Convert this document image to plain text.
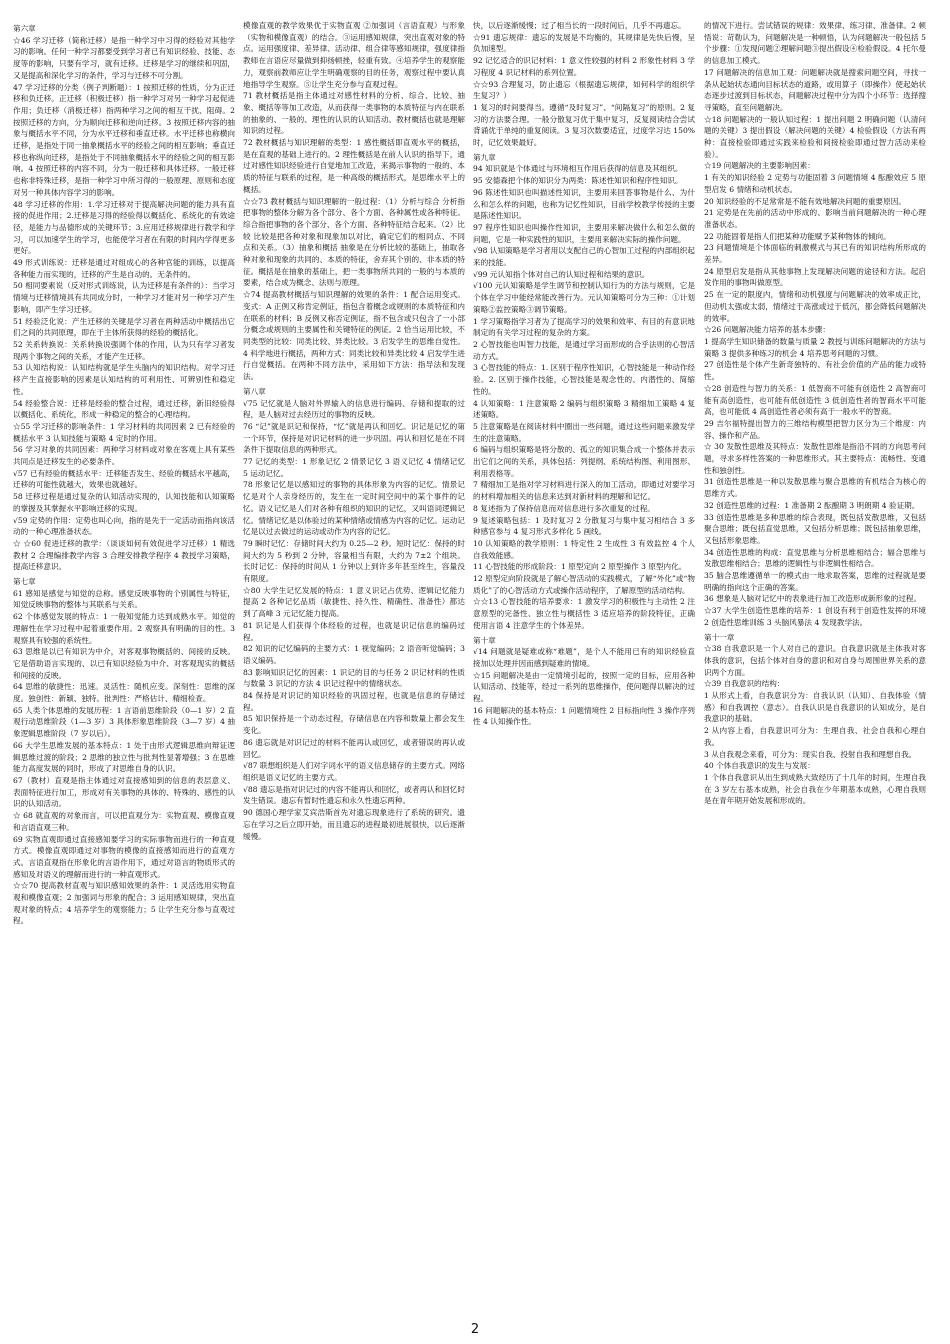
第六章

☆46 学习迁移（简称迁移）是指一种学习中习得的经验对其他学习的影响。任何一种学习都要受到学习者已有知识经验、技能、态度等的影响，只要有学习，就有迁移。迁移是学习的继续和巩固，又是提高和深化学习的条件，学习与迁移不可分割。

47 学习迁移的分类（例子判断题）：1 按照迁移的性质，分为正迁移和负迁移。正迁移（积极迁移）指一种学习对另一种学习起促进作用；负迁移（消极迁移）指两种学习之间的相互干扰、阻碍。2 按照迁移的方向，分为顺向迁移和逆向迁移。3 按照迁移内容的抽象与概括水平不同，分为水平迁移和垂直迁移。水平迁移也称横向迁移，是指处于同一抽象概括水平的经验之间的相互影响；垂直迁移也称纵向迁移，是指处于不同抽象概括水平的经验之间的相互影响。4 按照迁移的内容不同，分为一般迁移和具体迁移。一般迁移也称非特殊迁移，是指一种学习中所习得的一般原理、原则和态度对另一种具体内容学习的影响。

48 学习迁移的作用：1.学习迁移对于提高解决问题的能力具有直接的促进作用；2.迁移是习得的经验得以概括化、系统化的有效途径，是能力与品德形成的关键环节；3.应用迁移规律进行教学和学习，可以加速学生的学习，也能使学习者在有限的时间内学得更多更好。

49 形式训练说：迁移是通过对组成心的各种官能的训练，以提高各种能力而实现的，迁移的产生是自动的。无条件的。

50 相同要素说（反对形式训练说，认为迁移是有条件的）：当学习情境与迁移情境具有共同成分时，一种学习才能对另一种学习产生影响，即产生学习迁移。

51 经验泛化说：产生迁移的关键是学习者在两种活动中概括出它们之间的共同原理，即在于主体所获得的经验的概括化。

52 关系转换说：关系转换说强调个体的作用，认为只有学习者发现两个事物之间的关系，才能产生迁移。

53 认知结构说：认知结构就是学生头脑内的知识结构。对学习迁移产生直接影响的因素是认知结构的可利用性、可辨别性和稳定性。

54 经验整合说：迁移是经验的整合过程，通过迁移，新旧经验得以概括化、系统化，形成一种稳定的整合的心理结构。

☆55 学习迁移的影响条件：1 学习材料的共同因素 2 已有经验的概括水平 3 认知技能与策略 4 定时的作用。

56 学习对象的共同因素：两种学习材料或对象在客观上具有某些共同点是迁移发生的必要条件。

√57 已有经验的概括水平：迁移能否发生、经验的概括水平越高，迁移的可能性就越大，效果也就越好。

58 迁移过程是通过复杂的认知活动实现的，认知技能和认知策略的掌握及其掌握水平影响迁移的实现。

√59 定势的作用：定势也叫心向，指的是先于一定活动而指向该活动的一种心理准备状态。

☆ ☆60 促进迁移的教学：（谈谈如何有效促进学习迁移）1 精选教材 2 合理编排教学内容 3 合理安排教学程序 4 教授学习策略，提高迁移意识。

第七章

61 感知是感觉与知觉的总称。感觉反映事物的个别属性与特征，知觉反映事物的整体与其联系与关系。

62 个体感觉发展的特点：1 一般知觉能力达到成熟水平。知觉的理解性在学习过程中起着重要作用。2 观察具有明确的目的性。3 观察具有较强的系统性。

63 思维是以已有知识为中介，对客观事物概括的、间接的反映。它是借助语言实现的、以已有知识经验为中介、对客观现实的概括和间接的反映。

64 思维的敏捷性：迅速。灵活性：随机应变。深刻性：思维的深度。独创性：新颖、独特。批判性：严格估计、精细检查。

65 人类个体思维的发展历程：1 言语前思维阶段（0—1 岁）2 直观行动思维阶段（1—3 岁）3 具体形象思维阶段（3—7 岁）4 抽象逻辑思维阶段（7 岁以后）。

66 大学生思维发展的基本特点：1 处于由形式逻辑思维向辩证逻辑思维过渡的阶段；2 思维的独立性与批判性显著增强；3 在思维能力高度发展的同时，形成了对思维自身的认识。

67（教材）直观是指主体通过对直接感知到的信息的表层意义、表面特征进行加工，形成对有关事物的具体的、特殊的、感性的认识的认知活动。

☆ 68 就直观的对象而言，可以把直观分为：实物直观、模像直观和言语直观三种。

69 实物直观即通过直接感知要学习的实际事物而进行的一种直观方式。模像直观即通过对事物的模像的直接感知而进行的直观方式。言语直观指在形象化的言语作用下，通过对语言的物质形式的感知及对语义的理解而进行的一种直观形式。

☆☆70 提高教材直观与知识感知效果的条件：1 灵活选用实物直观和模像直观；2 加强词与形象的配合；3 运用感知规律，突出直观对象的特点；4 培养学生的观察能力；5 让学生充分参与直观过程。

模像直观的教学效果优于实物直观 ②加强词（言语直观）与形象（实物和模像直观）的结合。③运用感知规律，突出直观对象的特点。运用强度律、差异律、活动律、组合律等感知规律，强度律指教师在言语应尽量做到抑扬顿挫，轻重有致。④培养学生的观察能力，观察前教师应让学生明确观察的目的任务，观察过程中要认真地指导学生观察。⑤让学生充分参与直观过程。

71 教材概括是指主体通过对感性材料的分析、综合、比较、抽象、概括等等加工改造，从而获得一类事物的本质特征与内在联系的抽象的、一般的、理性的认识的认知活动。教材概括也就是理解知识的过程。

72 教材概括与知识理解的类型：1 感性概括即直观水平的概括，是在直观的基础上进行的。2 理性概括是在前人认识的指导下，通过对感性知识经验进行自觉地加工改造，来揭示事物的一般的、本质的特征与联系的过程，是一种高级的概括形式，是思维水平上的概括。

☆☆73 教材概括与知识理解的一般过程：（1）分析与综合 分析指把事物的整体分解为各个部分、各个方面、各种属性或各种特征。综合指把事物的各个部分、各个方面、各种特征结合起来。（2）比较 比较是把各种对象和现象加以对比，确定它们的相同点、不同点和关系。（3）抽象和概括 抽象是在分析比较的基础上，抽取各种对象和现象的共同的、本质的特征，舍弃其个别的、非本质的特征。概括是在抽象的基础上，把一类事物所共同的一般的与本质的要素，结合成为概念、法则与原理。

☆74 提高教材概括与知识理解的效果的条件：1 配合运用变式。变式：A 正例又称肯定例证，指包含着概念或规则的本质特征和内在联系的材料；B 反例又称否定例证，指不包含或只包含了一小部分概念或规则的主要属性和关键特征的例证。2 恰当运用比较，不同类型的比较：同类比较、异类比较。3 启发学生的思维自觉性。4 科学地进行概括，两种方式：同类比较和异类比较 4 启发学生进行自觉概括。在两种不同方法中，采用如下方法：指导法和发现法。

第八章

√75 记忆就是人脑对外界输入的信息进行编码、存储和提取的过程，是人脑对过去经历过的事物的反映。

76 “记”就是识记和保持，“忆”就是再认和回忆。识记是记忆的第一个环节，保持是对识记材料的进一步巩固。再认和回忆是在不同条件下提取信息的两种形式。

77 记忆的类型：1 形象记忆 2 情景记忆 3 语义记忆 4 情绪记忆 5 运动记忆。

78 形象记忆是以感知过的事物的具体形象为内容的记忆。情景记忆是对个人亲身经历的，发生在一定时间空间中的某个事件的记忆。语义记忆是人们对各种有组织的知识的记忆，又叫语词逻辑记忆。情绪记忆是以体验过的某种情绪或情感为内容的记忆。运动记忆是以过去做过的运动或动作为内容的记忆。

79 瞬时记忆：存储时间大约为 0.25—2 秒。短时记忆：保持的时间大约为 5 秒到 2 分钟，容量相当有限，大约为 7±2 个组块。长时记忆：保持的时间从 1 分钟以上到许多年甚至终生，容量没有限度。

☆80 大学生记忆发展的特点：1 意义识记占优势、逻辑记忆能力提高 2 各种记忆品质（敏捷性、持久性、精确性、准备性）都达到了高峰 3 元记忆能力提高。

81 识记是人们获得个体经验的过程，也就是识记信息的编码过程。

82 知识的记忆编码的主要方式：1 视觉编码；2 语音听觉编码；3 语义编码。

83 影响知识记忆的因素：1 识记的目的与任务 2 识记材料的性质与数量 3 识记的方法 4 识记过程中的情绪状态。

84 保持是对识记的知识经验的巩固过程，也就是信息的存储过程。

85 知识保持是一个动态过程，存储信息在内容和数量上都会发生变化。

86 遗忘就是对识记过的材料不能再认或回忆，或者错误的再认或回忆。

√87 联想组织是人们对字词水平的语义信息储存的主要方式。网络组织是语义记忆的主要方式。

√88 遗忘是指对识记过的内容不能再认和回忆，或者再认和回忆时发生错误。遗忘有暂时性遗忘和永久性遗忘两种。

90 德国心理学家艾宾浩斯首先对遗忘现象进行了系统的研究。遗忘在学习之后立即开始，而且遗忘的进程最初进展很快，以后逐渐缓慢。

快，以后逐渐缓慢；过了相当长的一段时间后，几乎不再遗忘。

☆91 遗忘规律：遗忘的发展是不均衡的，其规律是先快后慢，呈负加速型。

92 记忆适合的识记材料：1 意义性较强的材料 2 形象性材料 3 学习程度 4 识记材料的系列位置。

☆☆93 合理复习，防止遗忘（根据遗忘规律，如何科学的组织学生复习？）

1 复习的时间要得当。遵循“及时复习”、“间隔复习”的原则。2 复习的方法要合理。一般分散复习优于集中复习，反复阅读结合尝试背诵优于单纯的重复阅读。3 复习次数要适宜，过度学习达 150% 时，记忆效果最好。

第九章

94 知识就是个体通过与环境相互作用后获得的信息及其组织。

95 安德森把个体的知识分为两类：陈述性知识和程序性知识。

96 陈述性知识也叫描述性知识，主要用来回答事物是什么、为什么和怎么样的问题，也称为记忆性知识，目前学校教学传授的主要是陈述性知识。

97 程序性知识也叫操作性知识，主要用来解决做什么和怎么做的问题，它是一种实践性的知识，主要用来解决实际的操作问题。

√98 认知策略是学习者用以支配自己的心智加工过程的内部组织起来的技能。

√99 元认知指个体对自己的认知过程和结果的意识。

√100 元认知策略是学生调节和控制认知行为的方法与规则，它是个体在学习中能经常能改善行为。元认知策略可分为三种：①计划策略②监控策略③调节策略。

1 学习策略指学习者为了提高学习的效果和效率、有目的有意识地制定的有关学习过程的复杂的方案。

2 心智技能也叫智力技能，是通过学习而形成的合乎法则的心智活动方式。

3 心智技能的特点：1. 区别于程序性知识，心智技能是一种动作经验。2. 区别于操作技能，心智技能是观念性的、内潜性的、简缩性的。

4 认知策略：1 注意策略 2 编码与组织策略 3 精细加工策略 4 复述策略。

5 注意策略是在阅读材料中圈出一些问题，通过这些问题来激发学生的注意策略。

6 编码与组织策略是将分散的、孤立的知识集合成一个整体并表示出它们之间的关系，具体包括：列提纲、系统结构图、利用图形、利用表格等。

7 精细加工是指对学习材料进行深入的加工活动，即通过对要学习的材料增加相关的信息来达到对新材料的理解和记忆。

8 复述指为了保持信息而对信息进行多次重复的过程。

9 复述策略包括：1 及时复习 2 分散复习与集中复习相结合 3 多种感官参与 4 复习形式多样化 5 画线。

10 认知策略的教学原则：1 特定性 2 生成性 3 有效监控 4 个人自我效能感。

11 心智技能的形成阶段：1 原型定向 2 原型操作 3 原型内化。

12 原型定向阶段就是了解心智活动的实践模式，了解“外化”或“物质化”了的心智活动方式或操作活动程序，了解原型的活动结构。

☆☆13 心智技能的培养要求：1 激发学习的积极性与主动性 2 注意原型的完备性、独立性与概括性 3 适应培养的阶段特征，正确使用言语 4 注意学生的个体差异。

第十章

√14 问题就是疑难或称“难题”，是个人不能用已有的知识经验直接加以处理并因而感到疑难的情境。

☆15 问题解决是由一定情境引起的，按照一定的目标，应用各种认知活动、技能等，经过一系列的思维操作，使问题得以解决的过程。

16 问题解决的基本特点：1 问题情境性 2 目标指向性 3 操作序列性 4 认知操作性。

的情况下进行。尝试错误的规律：效果律、练习律、准备律。2 顿悟说：苛勒认为，问题解决是一种顿悟，认为问题解决一般包括 5 个步骤：①发现问题②理解问题③提出假设④检验假设。4 托尔曼的信息加工模式。

17 问题解决的信息加工观：问题解决就是搜索问题空间，寻找一条从起始状态通向目标状态的道路，或用算子（即操作）使起始状态逐步过渡到目标状态，问题解决过程中分为四个小环节：选择搜寻策略，直至问题解决。

☆18 问题解决的一般认知过程：1 提出问题 2 明确问题（认清问题的关键）3 提出假设（解决问题的关键）4 检验假设（方法有两种：直接检验即通过实践来检验和间接检验即通过智力活动来检验）。

☆19 问题解决的主要影响因素：

1 有关的知识经验 2 定势与功能固着 3 问题情境 4 酝酿效应 5 原型启发 6 情绪和动机状态。

20 知识经验的不足常常是不能有效地解决问题的重要原因。

21 定势是在先前的活动中形成的、影响当前问题解决的一种心理准备状态。

22 功能固着是指人们把某种功能赋予某种物体的倾向。

23 问题情境是个体面临的刺激模式与其已有的知识结构所形成的差异。

24 原型启发是指从其他事物上发现解决问题的途径和方法。起启发作用的事物叫做原型。

25 在一定的限度内，情绪和动机强度与问题解决的效率成正比，但动机太强或太弱，情绪过于高涨或过于低沉，都会降低问题解决的效率。

☆26 问题解决能力培养的基本步骤：

1 提高学生知识储备的数量与质量 2 教授与训练问题解决的方法与策略 3 提供多种练习的机会 4 培养思考问题的习惯。

27 创造性是个体产生新奇独特的、有社会价值的产品的能力或特性。

☆28 创造性与智力的关系：1 低智商不可能有创造性 2 高智商可能有高创造性，也可能有低创造性 3 低创造性者的智商水平可能高，也可能低 4 高创造性者必须有高于一般水平的智商。

29 吉尔福特提出智力的三维结构模型把智力区分为三个维度：内容、操作和产品。

☆ 30 发散性思维及其特点：发散性思维是指沿不同的方向思考问题，寻求多样性答案的一种思维形式。其主要特点：流畅性、变通性和独创性。

31 创造性思维是一种以发散思维与聚合思维的有机结合为核心的思维方式。

32 创造性思维的过程：1 准备期 2 酝酿期 3 明朗期 4 验证期。

33 创造性思维是多种思维的综合表现，既包括发散思维，又包括聚合思维；既包括直觉思维，又包括分析思维；既包括抽象思维，又包括形象思维。

34 创造性思维的构成：直觉思维与分析思维相结合；辐合思维与发散思维相结合；思维的逻辑性与非逻辑性相结合。

35 脑合思维遵循单一的模式由一地求取答案，思维的过程就是要明确的指向这个正确的答案。

36 想象是人脑对记忆中的表象进行加工改造形成新形象的过程。

☆37 大学生创造性思维的培养：1 创设有利于创造性发挥的环境 2 创造性思维训练 3 头脑风暴法 4 发现教学法。

第十一章

☆38 自我意识是一个人对自己的意识。自我意识就是主体我对客体我的意识，包括个体对自身的意识和对自身与周围世界关系的意识两个方面。

☆39 自我意识的结构：

1 从形式上看，自我意识分为：自我认识（认知）、自我体验（情感）和自我调控（意志）。自我认识是自我意识的认知成分，是自我意识的基础。

2 从内容上看，自我意识可分为：生理自我、社会自我和心理自我。

3 从自我观念来看，可分为：现实自我、投射自我和理想自我。

40 个体自我意识的发生与发展：

1 个体自我意识从出生到成熟大致经历了十几年的时间，生理自我在 3 岁左右基本成熟，社会自我在少年期基本成熟，心理自我则是在青年期开始发展和形成的。

2
